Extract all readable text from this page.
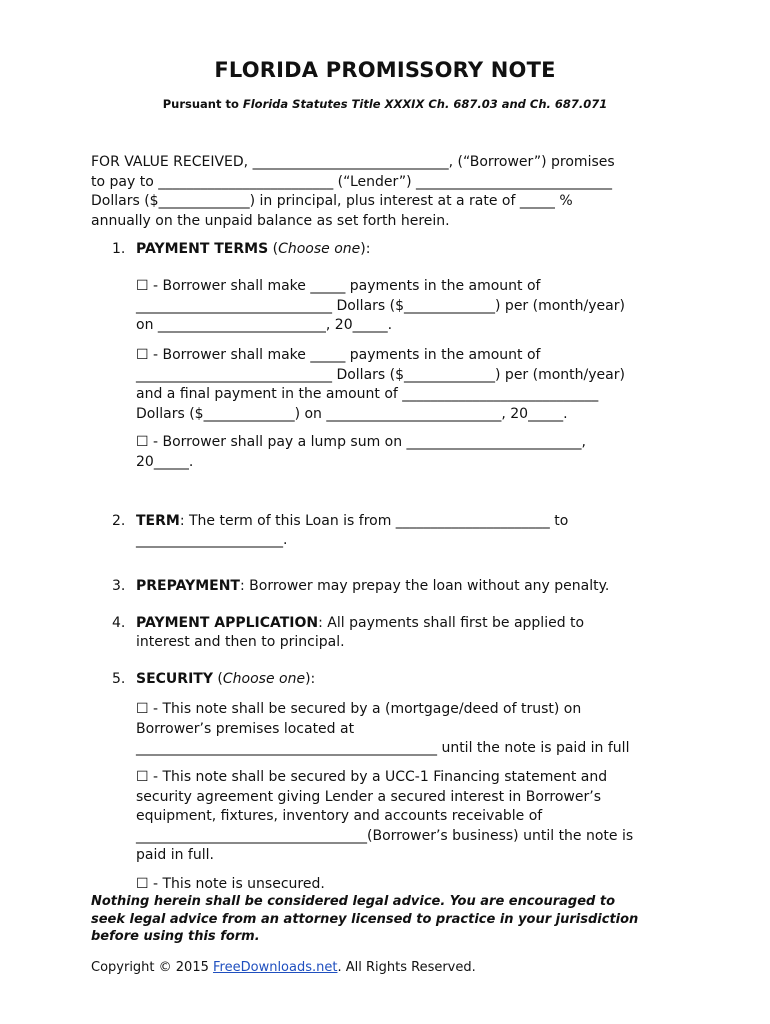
FLORIDA PROMISSORY NOTE
Pursuant to Florida Statutes Title XXXIX Ch. 687.03 and Ch. 687.071

FOR VALUE RECEIVED, ____________________________, (“Borrower”) promises
to pay to _________________________ (“Lender”) ____________________________
Dollars ($_____________) in principal, plus interest at a rate of _____ %
annually on the unpaid balance as set forth herein.

1. PAYMENT TERMS (Choose one):

☐ - Borrower shall make _____ payments in the amount of
____________________________ Dollars ($_____________) per (month/year)
on ________________________, 20_____.

☐ - Borrower shall make _____ payments in the amount of
____________________________ Dollars ($_____________) per (month/year)
and a final payment in the amount of ____________________________
Dollars ($_____________) on _________________________, 20_____.

☐ - Borrower shall pay a lump sum on _________________________,
20_____.

2. TERM: The term of this Loan is from ______________________ to

_____________________.

3. PREPAYMENT: Borrower may prepay the loan without any penalty.
4. PAYMENT APPLICATION: All payments shall first be applied to

interest and then to principal.

5. SECURITY (Choose one):

☐ - This note shall be secured by a (mortgage/deed of trust) on
Borrower’s premises located at
___________________________________________ until the note is paid in full

☐ - This note shall be secured by a UCC-1 Financing statement and
security agreement giving Lender a secured interest in Borrower’s
equipment, fixtures, inventory and accounts receivable of
_________________________________(Borrower’s business) until the note is
paid in full.

☐ - This note is unsecured.

Nothing herein shall be considered legal advice. You are encouraged to
seek legal advice from an attorney licensed to practice in your jurisdiction
before using this form.

Copyright © 2015 FreeDownloads.net. All Rights Reserved.
